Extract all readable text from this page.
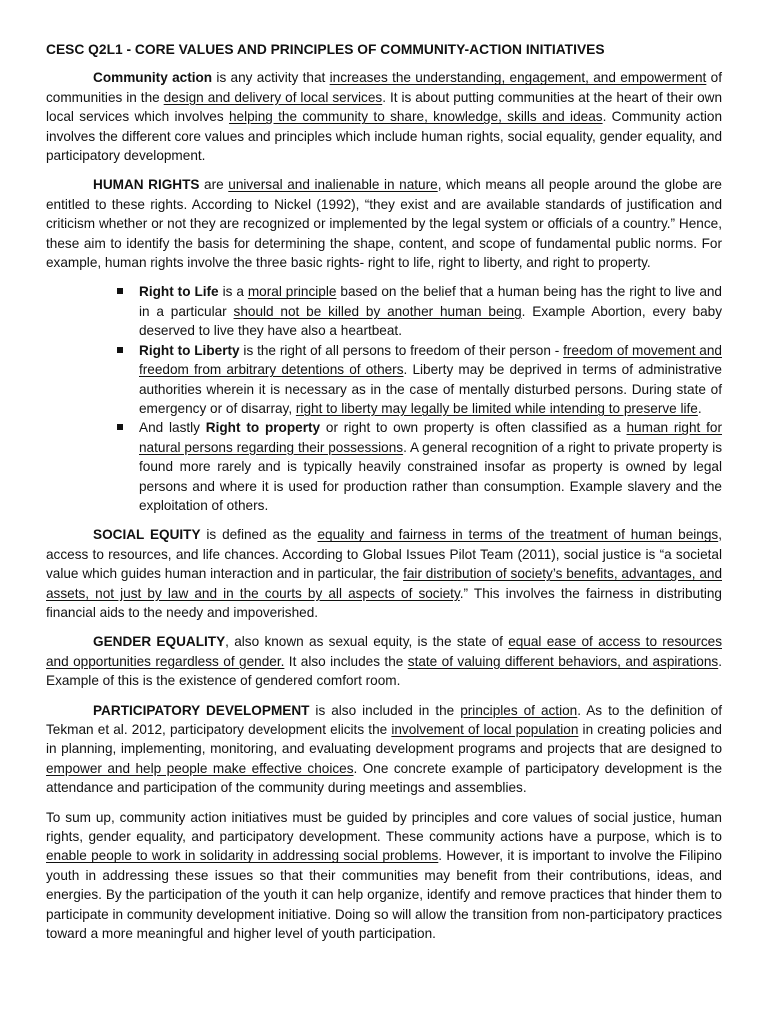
CESC Q2L1 - CORE VALUES AND PRINCIPLES OF COMMUNITY-ACTION INITIATIVES

Community action is any activity that increases the understanding, engagement, and empowerment of communities in the design and delivery of local services. It is about putting communities at the heart of their own local services which involves helping the community to share, knowledge, skills and ideas. Community action involves the different core values and principles which include human rights, social equality, gender equality, and participatory development.

HUMAN RIGHTS are universal and inalienable in nature, which means all people around the globe are entitled to these rights. According to Nickel (1992), “they exist and are available standards of justification and criticism whether or not they are recognized or implemented by the legal system or officials of a country.” Hence, these aim to identify the basis for determining the shape, content, and scope of fundamental public norms. For example, human rights involve the three basic rights- right to life, right to liberty, and right to property.

Right to Life is a moral principle based on the belief that a human being has the right to live and in a particular should not be killed by another human being. Example Abortion, every baby deserved to live they have also a heartbeat.
Right to Liberty is the right of all persons to freedom of their person - freedom of movement and freedom from arbitrary detentions of others. Liberty may be deprived in terms of administrative authorities wherein it is necessary as in the case of mentally disturbed persons. During state of emergency or of disarray, right to liberty may legally be limited while intending to preserve life.
And lastly Right to property or right to own property is often classified as a human right for natural persons regarding their possessions. A general recognition of a right to private property is found more rarely and is typically heavily constrained insofar as property is owned by legal persons and where it is used for production rather than consumption. Example slavery and the exploitation of others.

SOCIAL EQUITY is defined as the equality and fairness in terms of the treatment of human beings, access to resources, and life chances. According to Global Issues Pilot Team (2011), social justice is “a societal value which guides human interaction and in particular, the fair distribution of society’s benefits, advantages, and assets, not just by law and in the courts by all aspects of society.” This involves the fairness in distributing financial aids to the needy and impoverished.

GENDER EQUALITY, also known as sexual equity, is the state of equal ease of access to resources and opportunities regardless of gender. It also includes the state of valuing different behaviors, and aspirations. Example of this is the existence of gendered comfort room.

PARTICIPATORY DEVELOPMENT is also included in the principles of action. As to the definition of Tekman et al. 2012, participatory development elicits the involvement of local population in creating policies and in planning, implementing, monitoring, and evaluating development programs and projects that are designed to empower and help people make effective choices. One concrete example of participatory development is the attendance and participation of the community during meetings and assemblies.

To sum up, community action initiatives must be guided by principles and core values of social justice, human rights, gender equality, and participatory development. These community actions have a purpose, which is to enable people to work in solidarity in addressing social problems. However, it is important to involve the Filipino youth in addressing these issues so that their communities may benefit from their contributions, ideas, and energies. By the participation of the youth it can help organize, identify and remove practices that hinder them to participate in community development initiative. Doing so will allow the transition from non-participatory practices toward a more meaningful and higher level of youth participation.
